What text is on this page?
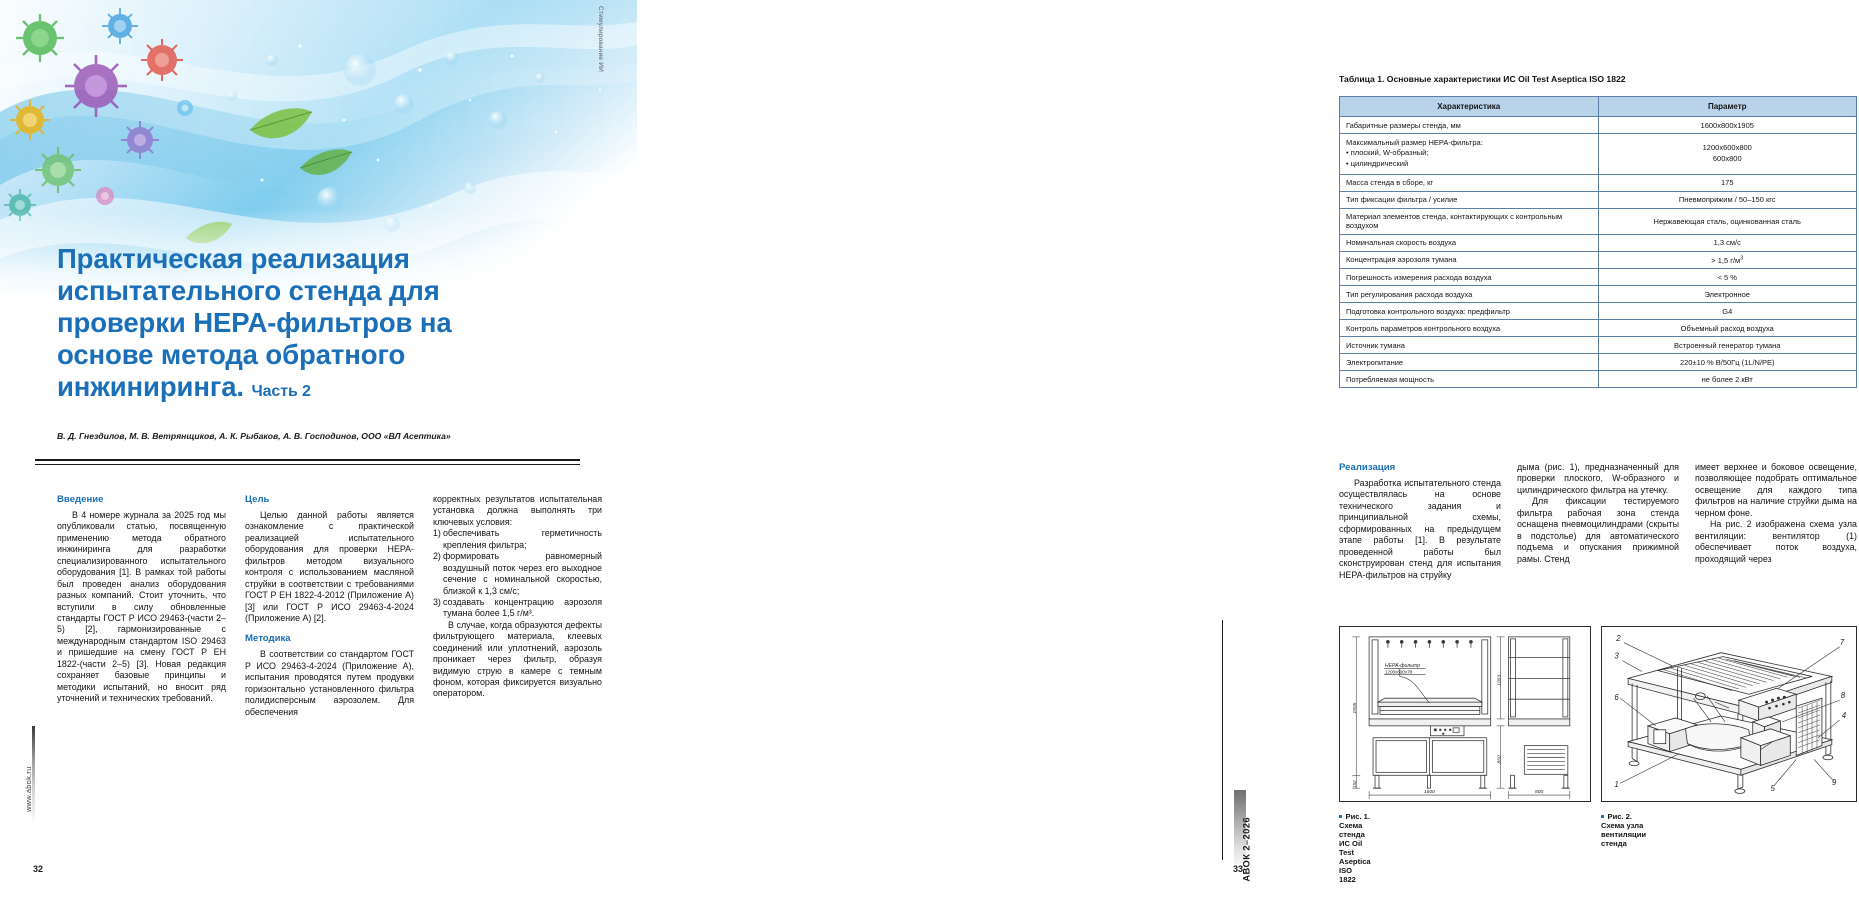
Стимулирование ИИ
Практическая реализация
испытательного стенда для
проверки HEPA-фильтров на
основе метода обратного
инжиниринга. Часть 2
В. Д. Гнездилов, М. В. Ветрянщиков, А. К. Рыбаков, А. В. Господинов, ООО «ВЛ Асептика»
Введение

В 4 номере журнала за 2025 год мы опубликовали статью, посвященную применению метода обратного инжиниринга для разработки специализированного испытательного оборудования [1]. В рамках той работы был проведен анализ оборудования разных компаний. Стоит уточнить, что вступили в силу обновленные стандарты ГОСТ Р ИСО 29463-(части 2–5) [2], гармонизированные с международным стандартом ISO 29463 и пришедшие на смену ГОСТ Р ЕН 1822-(части 2–5) [3]. Новая редакция сохраняет базовые принципы и методики испытаний, но вносит ряд уточнений и технических требований.

Цель

Целью данной работы является ознакомление с практической реализацией испытательного оборудования для проверки HEPA-фильтров методом визуального контроля с использованием масляной струйки в соответствии с требованиями ГОСТ Р ЕН 1822-4-2012 (Приложение А) [3] или ГОСТ Р ИСО 29463-4-2024 (Приложение А) [2].

Методика

В соответствии со стандартом ГОСТ Р ИСО 29463-4-2024 (Приложение А), испытания проводятся путем продувки горизонтально установленного фильтра полидисперсным аэрозолем. Для обеспечения

корректных результатов испытательная установка должна выполнять три ключевых условия:

1) обеспечивать герметичность крепления фильтра;
2) формировать равномерный воздушный поток через его выходное сечение с номинальной скоростью, близкой к 1,3 см/с;
3) создавать концентрацию аэрозоля тумана более 1,5 г/м³.

В случае, когда образуются дефекты фильтрующего материала, клеевых соединений или уплотнений, аэрозоль проникает через фильтр, образуя видимую струю в камере с темным фоном, которая фиксируется визуально оператором.

www.abok.ru
32
Таблица 1. Основные характеристики ИС Oil Test Aseptica ISO 1822
Характеристика	Параметр
Габаритные размеры стенда, мм	1600x800x1905
Максимальный размер HEPA-фильтра:
• плоский, W-образный;
• цилиндрический	1200x600x800
600x800
Масса стенда в сборе, кг	175
Тип фиксации фильтра / усилие	Пневмоприжим / 50–150 кгс
Материал элементов стенда, контактирующих с контрольным воздухом	Нержавеющая сталь, оцинкованная сталь
Номинальная скорость воздуха	1,3 см/с
Концентрация аэрозоля тумана	> 1,5 $г/м^3$
Погрешность измерения расхода воздуха	< 5 %
Тип регулирования расхода воздуха	Электронное
Подготовка контрольного воздуха: предфильтр	G4
Контроль параметров контрольного воздуха	Объемный расход воздуха
Источник тумана	Встроенный генератор тумана
Электропитание	220±10 % В/50Гц (1L/N/PE)
Потребляемая мощность	не более 2 кВт
Реализация

Разработка испытательного стенда осуществлялась на основе технического задания и принципиальной схемы, сформированных на предыдущем этапе работы [1]. В результате проведенной работы был сконструирован стенд для испытания HEPA-фильтров на струйку

дыма (рис. 1), предназначенный для проверки плоского, W-образного и цилиндрического фильтра на утечку.

Для фиксации тестируемого фильтра рабочая зона стенда оснащена пневмоцилиндрами (скрыты в подстолье) для автоматического подъема и опускания прижимной рамы. Стенд

имеет верхнее и боковое освещение, позволяющее подобрать оптимальное освещение для каждого типа фильтров на наличие струйки дыма на черном фоне.

На рис. 2 изображена схема узла вентиляции: вентилятор (1) обеспечивает поток воздуха, проходящий через

HEPA-фильтр
1200x600x78
1905
152
1600	800
1053
850
2
3
6
1	5
7
8
4
9
Рис. 1. Схема стенда ИС Oil Test Aseptica ISO 1822
Рис. 2. Схема узла вентиляции стенда
АВОК 2–2026
33
